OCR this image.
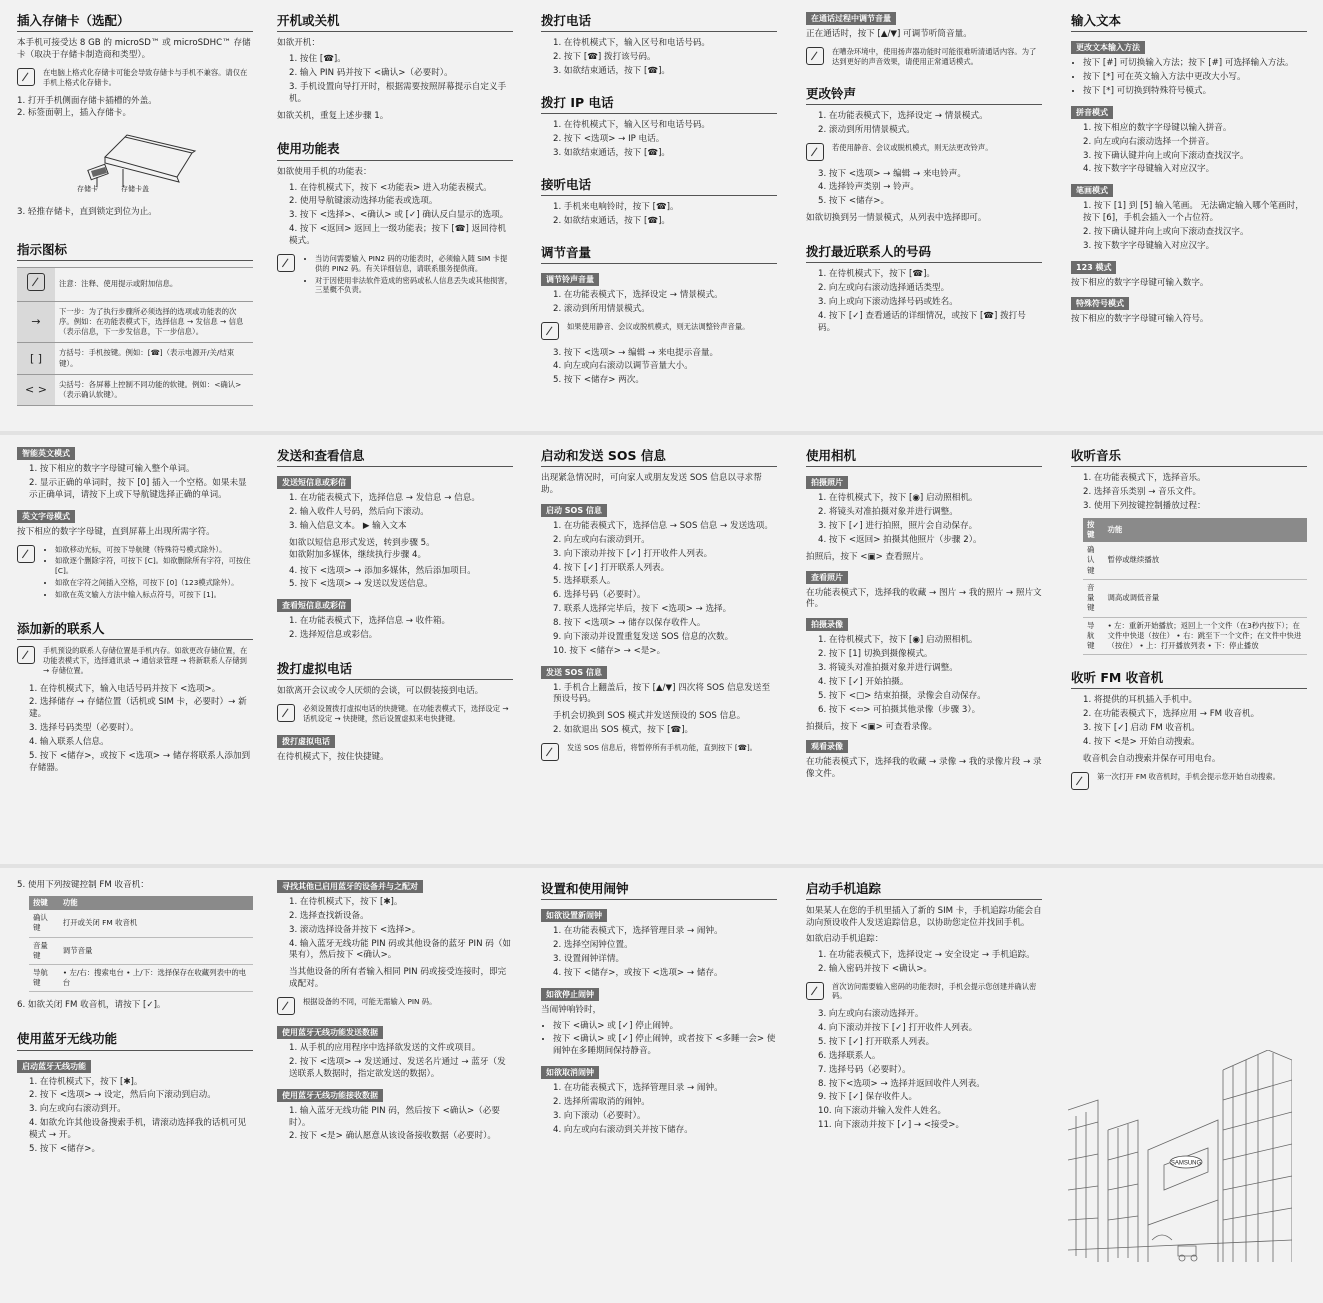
插入存储卡（选配）

本手机可接受达 8 GB 的 microSD™ 或 microSDHC™ 存储卡（取决于存储卡制造商和类型）。

在电脑上格式化存储卡可能会导致存储卡与手机不兼容。请仅在手机上格式化存储卡。
1. 打开手机侧面存储卡插槽的外盖。
2. 标签面朝上，插入存储卡。
存储卡	存储卡盖
3. 轻推存储卡，直到锁定到位为止。
指示图标
	注意：注释、使用提示或附加信息。
→	下一步：为了执行步骤所必须选择的选项或功能表的次序。例如：在功能表模式下，选择信息 → 发信息 → 信息（表示信息，下一步发信息，下一步信息）。
[ ]	方括号：手机按键。例如：[☎]（表示电源开/关/结束键）。
< >	尖括号：各屏幕上控制不同功能的软键。例如：<确认>（表示确认软键）。
开机或关机

如欲开机：

1. 按住 [☎]。
2. 输入 PIN 码并按下 <确认>（必要时）。
3. 手机设置向导打开时，根据需要按照屏幕提示自定义手机。

如欲关机，重复上述步骤 1。

使用功能表

如欲使用手机的功能表：

1. 在待机模式下，按下 <功能表> 进入功能表模式。
2. 使用导航键滚动选择功能表或选项。
3. 按下 <选择>、<确认> 或 [✓] 确认反白显示的选项。
4. 按下 <返回> 返回上一级功能表；按下 [☎] 返回待机模式。
• 当访问需要输入 PIN2 码的功能表时，必须输入随 SIM 卡提供的 PIN2 码。有关详细信息，请联系服务提供商。
• 对于因使用非法软件造成的密码或私人信息丢失或其他损害，三星概不负责。
拨打电话
1. 在待机模式下，输入区号和电话号码。
2. 按下 [☎] 拨打该号码。
3. 如欲结束通话，按下 [☎]。
拨打 IP 电话
1. 在待机模式下，输入区号和电话号码。
2. 按下 <选项> → IP 电话。
3. 如欲结束通话，按下 [☎]。
接听电话
1. 手机来电响铃时，按下 [☎]。
2. 如欲结束通话，按下 [☎]。
调节音量
调节铃声音量
1. 在功能表模式下，选择设定 → 情景模式。
2. 滚动到所用情景模式。
如果使用静音、会议或脱机模式，则无法调整铃声音量。
3. 按下 <选项> → 编辑 → 来电提示音量。
4. 向左或向右滚动以调节音量大小。
5. 按下 <储存> 两次。
在通话过程中调节音量

正在通话时，按下 [▲/▼] 可调节听筒音量。

在嘈杂环境中，使用扬声器功能时可能很难听清通话内容。为了达到更好的声音效果，请使用正常通话模式。
更改铃声
1. 在功能表模式下，选择设定 → 情景模式。
2. 滚动到所用情景模式。
若使用静音、会议或脱机模式，则无法更改铃声。
3. 按下 <选项> → 编辑 → 来电铃声。
4. 选择铃声类别 → 铃声。
5. 按下 <储存>。

如欲切换到另一情景模式，从列表中选择即可。

拨打最近联系人的号码
1. 在待机模式下，按下 [☎]。
2. 向左或向右滚动选择通话类型。
3. 向上或向下滚动选择号码或姓名。
4. 按下 [✓] 查看通话的详细情况，或按下 [☎] 拨打号码。
输入文本
更改文本输入方法
• 按下 [#] 可切换输入方法；按下 [#] 可选择输入方法。
• 按下 [*] 可在英文输入方法中更改大小写。
• 按下 [*] 可切换到特殊符号模式。
拼音模式
1. 按下相应的数字字母键以输入拼音。
2. 向左或向右滚动选择一个拼音。
3. 按下确认键并向上或向下滚动查找汉字。
4. 按下数字字母键输入对应汉字。
笔画模式
1. 按下 [1] 到 [5] 输入笔画。 无法确定输入哪个笔画时，按下 [6]，手机会插入一个占位符。
2. 按下确认键并向上或向下滚动查找汉字。
3. 按下数字字母键输入对应汉字。
123 模式

按下相应的数字字母键可输入数字。

特殊符号模式

按下相应的数字字母键可输入符号。

智能英文模式
1. 按下相应的数字字母键可输入整个单词。
2. 显示正确的单词时，按下 [0] 插入一个空格。如果未显示正确单词，请按下上或下导航键选择正确的单词。
英文字母模式

按下相应的数字字母键，直到屏幕上出现所需字符。

• 如欲移动光标，可按下导航键（特殊符号模式除外）。
• 如欲逐个删除字符，可按下 [C]。如欲删除所有字符，可按住 [C]。
• 如欲在字符之间插入空格，可按下 [0]（123模式除外）。
• 如欲在英文输入方法中输入标点符号，可按下 [1]。
添加新的联系人
手机预设的联系人存储位置是手机内存。如欲更改存储位置，在功能表模式下，选择通讯录 → 通信录管理 → 将新联系人存储到 → 存储位置。
1. 在待机模式下，输入电话号码并按下 <选项>。
2. 选择储存 → 存储位置（话机或 SIM 卡，必要时）→ 新建。
3. 选择号码类型（必要时）。
4. 输入联系人信息。
5. 按下 <储存>，或按下 <选项> → 储存将联系人添加到存储器。
发送和查看信息
发送短信息或彩信
1. 在功能表模式下，选择信息 → 发信息 → 信息。
2. 输入收件人号码，然后向下滚动。
3. 输入信息文本。 ▶ 输入文本

如欲以短信息形式发送，转到步骤 5。

如欲附加多媒体，继续执行步骤 4。

4. 按下 <选项> → 添加多媒体，然后添加项目。
5. 按下 <选项> → 发送以发送信息。
查看短信息或彩信
1. 在功能表模式下，选择信息 → 收件箱。
2. 选择短信息或彩信。
拨打虚拟电话

如欲离开会议或令人厌烦的会谈，可以假装接到电话。

必须设置拨打虚拟电话的快捷键。在功能表模式下，选择设定 → 话机设定 → 快捷键，然后设置虚拟来电快捷键。
拨打虚拟电话

在待机模式下，按住快捷键。

启动和发送 SOS 信息

出现紧急情况时，可向家人或朋友发送 SOS 信息以寻求帮助。

启动 SOS 信息
1. 在功能表模式下，选择信息 → SOS 信息 → 发送选项。
2. 向左或向右滚动到开。
3. 向下滚动并按下 [✓] 打开收件人列表。
4. 按下 [✓] 打开联系人列表。
5. 选择联系人。
6. 选择号码（必要时）。
7. 联系人选择完毕后，按下 <选项> → 选择。
8. 按下 <选项> → 储存以保存收件人。
9. 向下滚动并设置重复发送 SOS 信息的次数。
10. 按下 <储存> → <是>。
发送 SOS 信息
1. 手机合上翻盖后，按下 [▲/▼] 四次将 SOS 信息发送至预设号码。

手机会切换到 SOS 模式并发送预设的 SOS 信息。

2. 如欲退出 SOS 模式，按下 [☎]。
发送 SOS 信息后，将暂停所有手机功能，直到按下 [☎]。
使用相机
拍摄照片
1. 在待机模式下，按下 [◉] 启动照相机。
2. 将镜头对准拍摄对象并进行调整。
3. 按下 [✓] 进行拍照，照片会自动保存。
4. 按下 <返回> 拍摄其他照片（步骤 2）。

拍照后，按下 <▣> 查看照片。

查看照片

在功能表模式下，选择我的收藏 → 图片 → 我的照片 → 照片文件。

拍摄录像
1. 在待机模式下，按下 [◉] 启动照相机。
2. 按下 [1] 切换到摄像模式。
3. 将镜头对准拍摄对象并进行调整。
4. 按下 [✓] 开始拍摄。
5. 按下 <□> 结束拍摄，录像会自动保存。
6. 按下 <⇦> 可拍摄其他录像（步骤 3）。

拍摄后，按下 <▣> 可查看录像。

观看录像

在功能表模式下，选择我的收藏 → 录像 → 我的录像片段 → 录像文件。

收听音乐
1. 在功能表模式下，选择音乐。
2. 选择音乐类别 → 音乐文件。
3. 使用下列按键控制播放过程：
按键	功能
确认键	暂停或继续播放
音量键	调高或调低音量
导航键	• 左：重新开始播放；返回上一个文件（在3秒内按下）；在文件中快退（按住） • 右：跳至下一个文件；在文件中快进（按住） • 上：打开播放列表 • 下：停止播放
收听 FM 收音机
1. 将提供的耳机插入手机中。
2. 在功能表模式下，选择应用 → FM 收音机。
3. 按下 [✓] 启动 FM 收音机。
4. 按下 <是> 开始自动搜索。

收音机会自动搜索并保存可用电台。

第一次打开 FM 收音机时，手机会提示您开始自动搜索。
5. 使用下列按键控制 FM 收音机：
按键	功能
确认键	打开或关闭 FM 收音机
音量键	调节音量
导航键	• 左/右：搜索电台 • 上/下：选择保存在收藏列表中的电台
6. 如欲关闭 FM 收音机，请按下 [✓]。
使用蓝牙无线功能
启动蓝牙无线功能
1. 在待机模式下，按下 [✱]。
2. 按下 <选项> → 设定，然后向下滚动到启动。
3. 向左或向右滚动到开。
4. 如欲允许其他设备搜索手机，请滚动选择我的话机可见模式 → 开。
5. 按下 <储存>。
寻找其他已启用蓝牙的设备并与之配对
1. 在待机模式下，按下 [✱]。
2. 选择查找新设备。
3. 滚动选择设备并按下 <选择>。
4. 输入蓝牙无线功能 PIN 码或其他设备的蓝牙 PIN 码（如果有），然后按下 <确认>。

当其他设备的所有者输入相同 PIN 码或接受连接时，即完成配对。

根据设备的不同，可能无需输入 PIN 码。
使用蓝牙无线功能发送数据
1. 从手机的应用程序中选择欲发送的文件或项目。
2. 按下 <选项> → 发送通过、发送名片通过 → 蓝牙（发送联系人数据时，指定欲发送的数据）。
使用蓝牙无线功能接收数据
1. 输入蓝牙无线功能 PIN 码，然后按下 <确认>（必要时）。
2. 按下 <是> 确认愿意从该设备接收数据（必要时）。
设置和使用闹钟
如欲设置新闹钟
1. 在功能表模式下，选择管理目录 → 闹钟。
2. 选择空闲钟位置。
3. 设置闹钟详情。
4. 按下 <储存>，或按下 <选项> → 储存。
如欲停止闹钟

当闹钟响铃时，

• 按下 <确认> 或 [✓] 停止闹钟。
• 按下 <确认> 或 [✓] 停止闹钟，或者按下 <多睡一会> 使闹钟在多睡期间保持静音。
如欲取消闹钟
1. 在功能表模式下，选择管理目录 → 闹钟。
2. 选择所需取消的闹钟。
3. 向下滚动（必要时）。
4. 向左或向右滚动到关并按下储存。
启动手机追踪

如果某人在您的手机里插入了新的 SIM 卡，手机追踪功能会自动向预设收件人发送追踪信息，以协助您定位并找回手机。

如欲启动手机追踪：

1. 在功能表模式下，选择设定 → 安全设定 → 手机追踪。
2. 输入密码并按下 <确认>。
首次访问需要输入密码的功能表时，手机会提示您创建并确认密码。
3. 向左或向右滚动选择开。
4. 向下滚动并按下 [✓] 打开收件人列表。
5. 按下 [✓] 打开联系人列表。
6. 选择联系人。
7. 选择号码（必要时）。
8. 按下<选项> → 选择并返回收件人列表。
9. 按下 [✓] 保存收件人。
10. 向下滚动并输入发件人姓名。
11. 向下滚动并按下 [✓] → <接受>。
SAMSUNG
